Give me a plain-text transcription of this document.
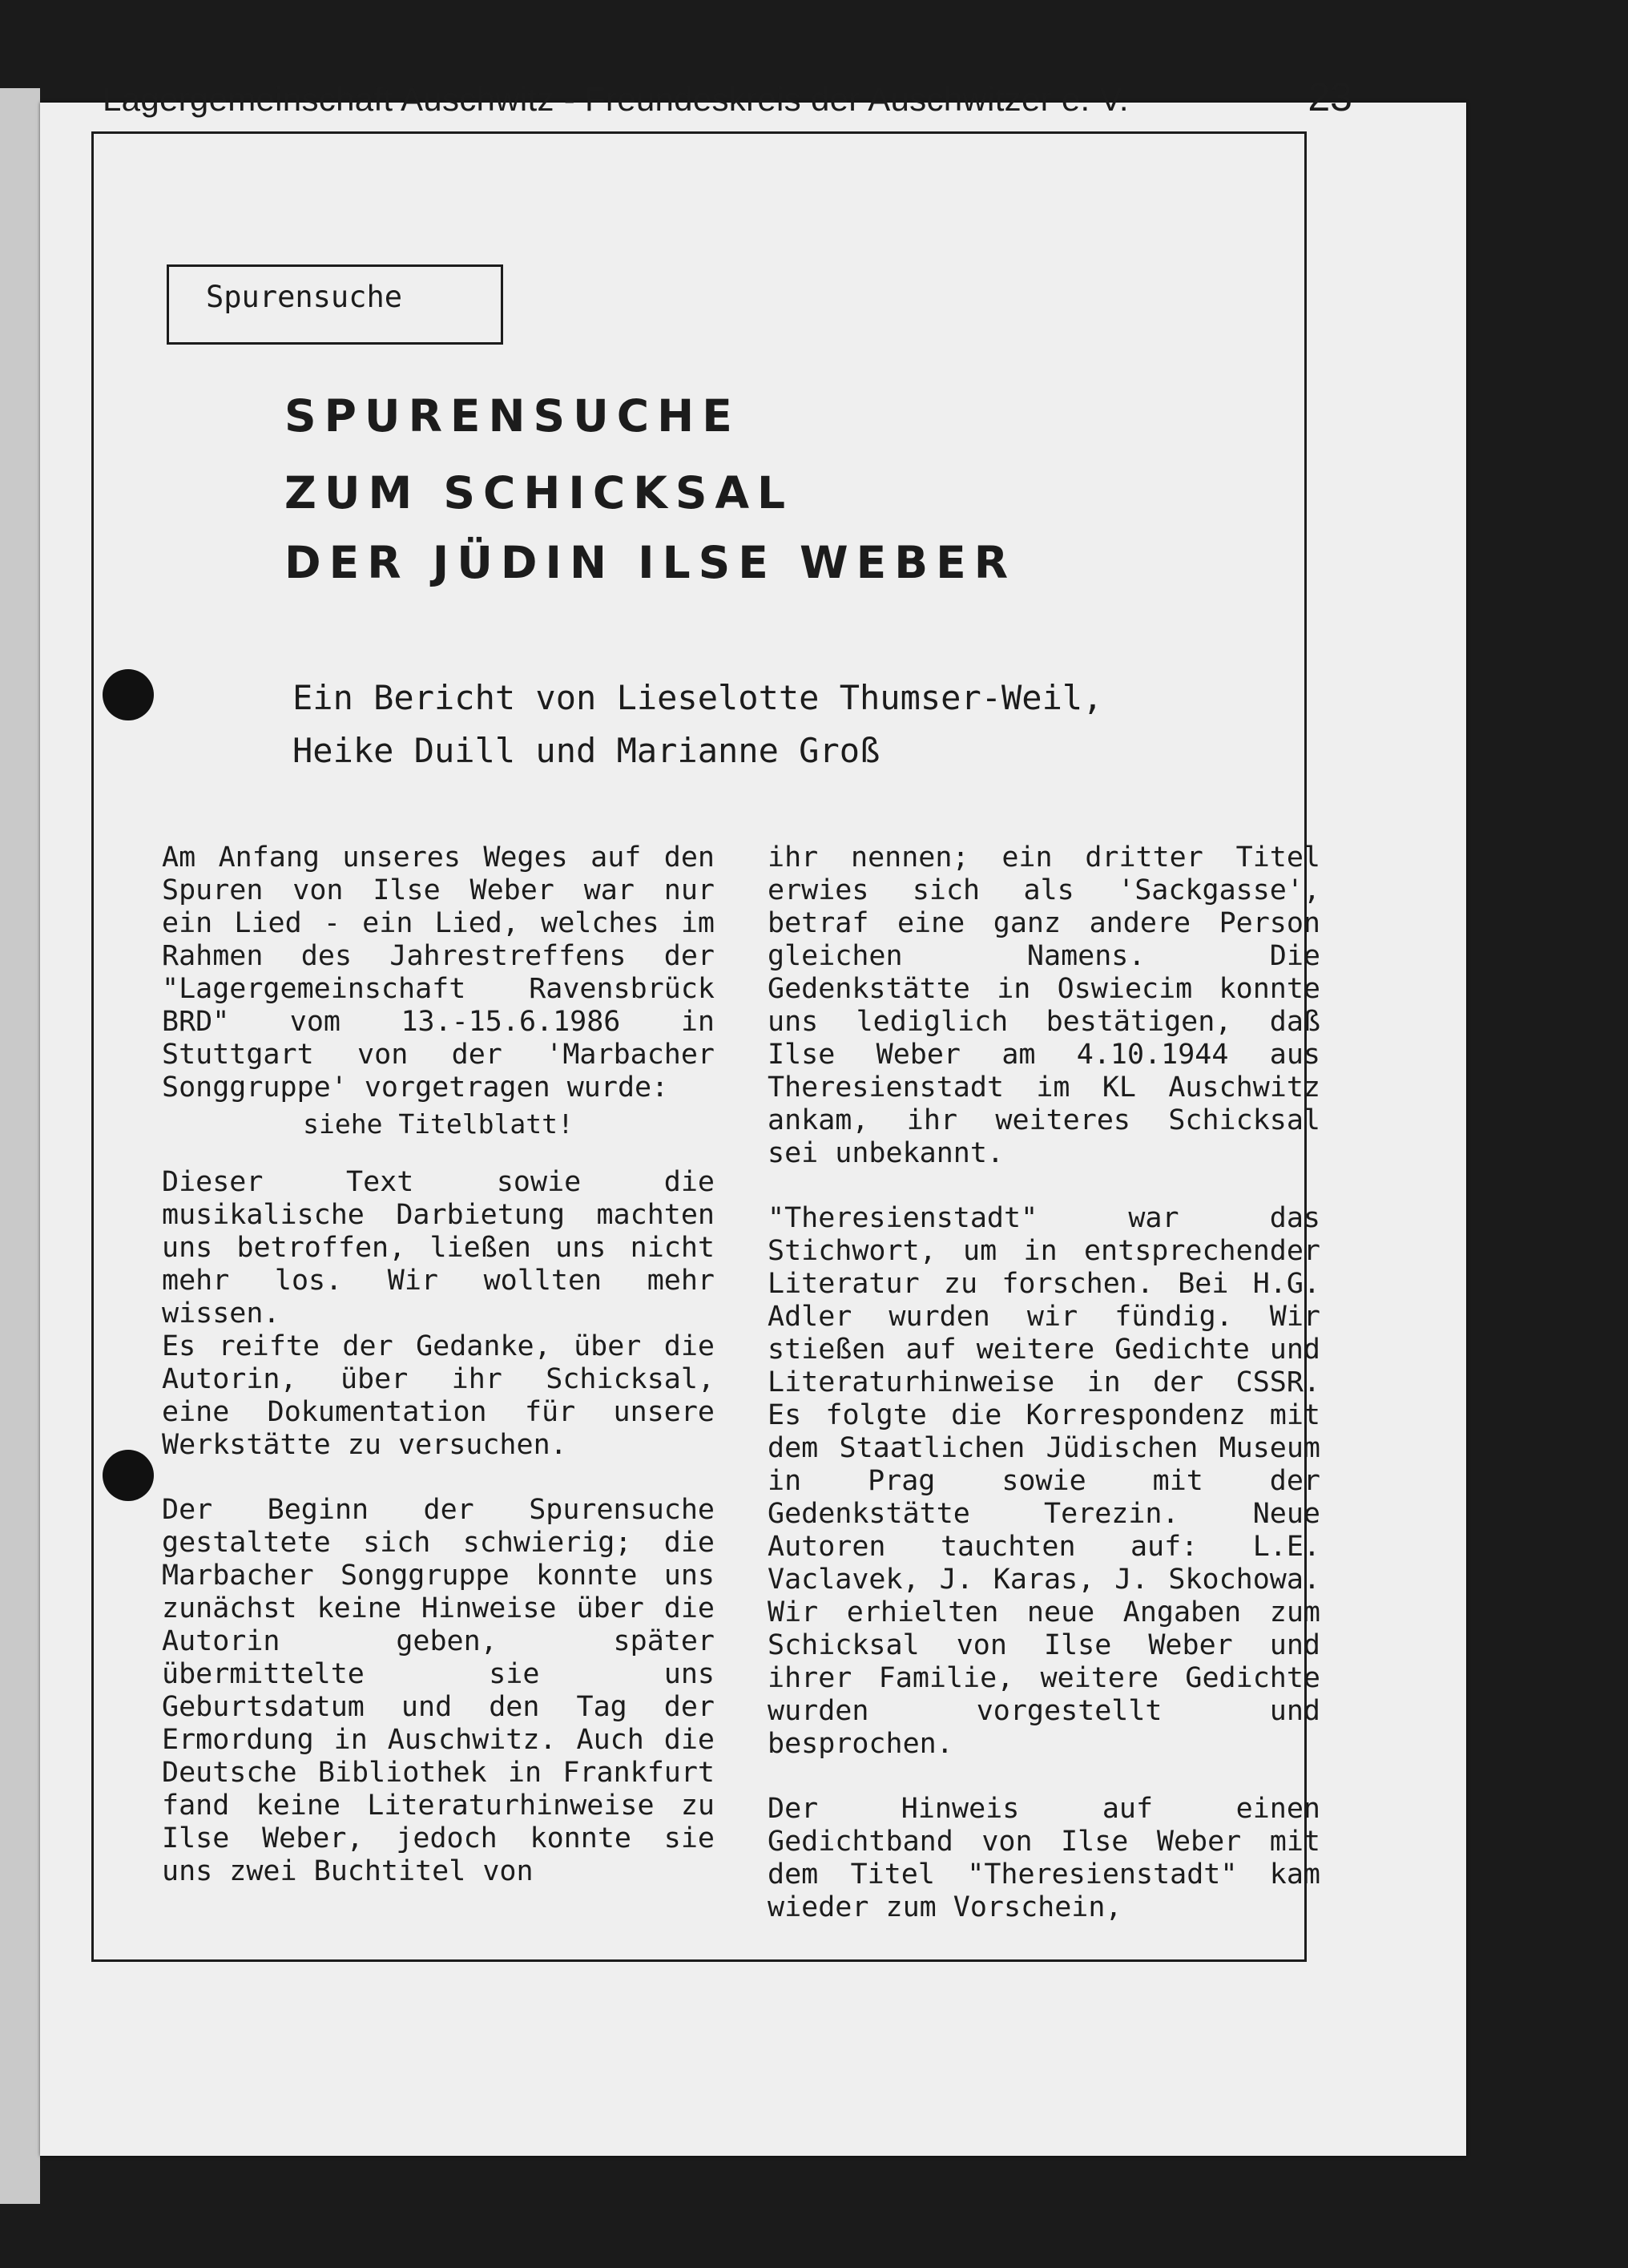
Lagergemeinschaft Auschwitz - Freundeskreis der Auschwitzer e. V.	23
Spurensuche
SPURENSUCHE
ZUM SCHICKSAL
DER JÜDIN ILSE WEBER
Ein Bericht von Lieselotte Thumser-Weil,
Heike Duill und Marianne Groß

Am Anfang unseres Weges auf den Spuren von Ilse Weber war nur ein Lied - ein Lied, welches im Rahmen des Jahrestreffens der "Lagergemeinschaft Ravensbrück BRD" vom 13.-15.6.1986 in Stuttgart von der 'Marbacher Songgruppe' vorgetragen wurde:

siehe Titelblatt!

Dieser Text sowie die musikalische Darbietung machten uns betroffen, ließen uns nicht mehr los. Wir wollten mehr wissen.

Es reifte der Gedanke, über die Autorin, über ihr Schicksal, eine Dokumentation für unsere Werkstätte zu versuchen.

Der Beginn der Spurensuche gestaltete sich schwierig; die Marbacher Songgruppe konnte uns zunächst keine Hinweise über die Autorin geben, später übermittelte sie uns Geburtsdatum und den Tag der Ermordung in Auschwitz. Auch die Deutsche Bibliothek in Frankfurt fand keine Literaturhinweise zu Ilse Weber, jedoch konnte sie uns zwei Buchtitel von

ihr nennen; ein dritter Titel erwies sich als 'Sackgasse', betraf eine ganz andere Person gleichen Namens. Die Gedenkstätte in Oswiecim konnte uns lediglich bestätigen, daß Ilse Weber am 4.10.1944 aus Theresienstadt im KL Auschwitz ankam, ihr weiteres Schicksal sei unbekannt.

"Theresienstadt" war das Stichwort, um in entsprechender Literatur zu forschen. Bei H.G. Adler wurden wir fündig. Wir stießen auf weitere Gedichte und Literaturhinweise in der CSSR. Es folgte die Korrespondenz mit dem Staatlichen Jüdischen Museum in Prag sowie mit der Gedenkstätte Terezin. Neue Autoren tauchten auf: L.E. Vaclavek, J. Karas, J. Skochowa. Wir erhielten neue Angaben zum Schicksal von Ilse Weber und ihrer Familie, weitere Gedichte wurden vorgestellt und besprochen.

Der Hinweis auf einen Gedichtband von Ilse Weber mit dem Titel "Theresienstadt" kam wieder zum Vorschein,
